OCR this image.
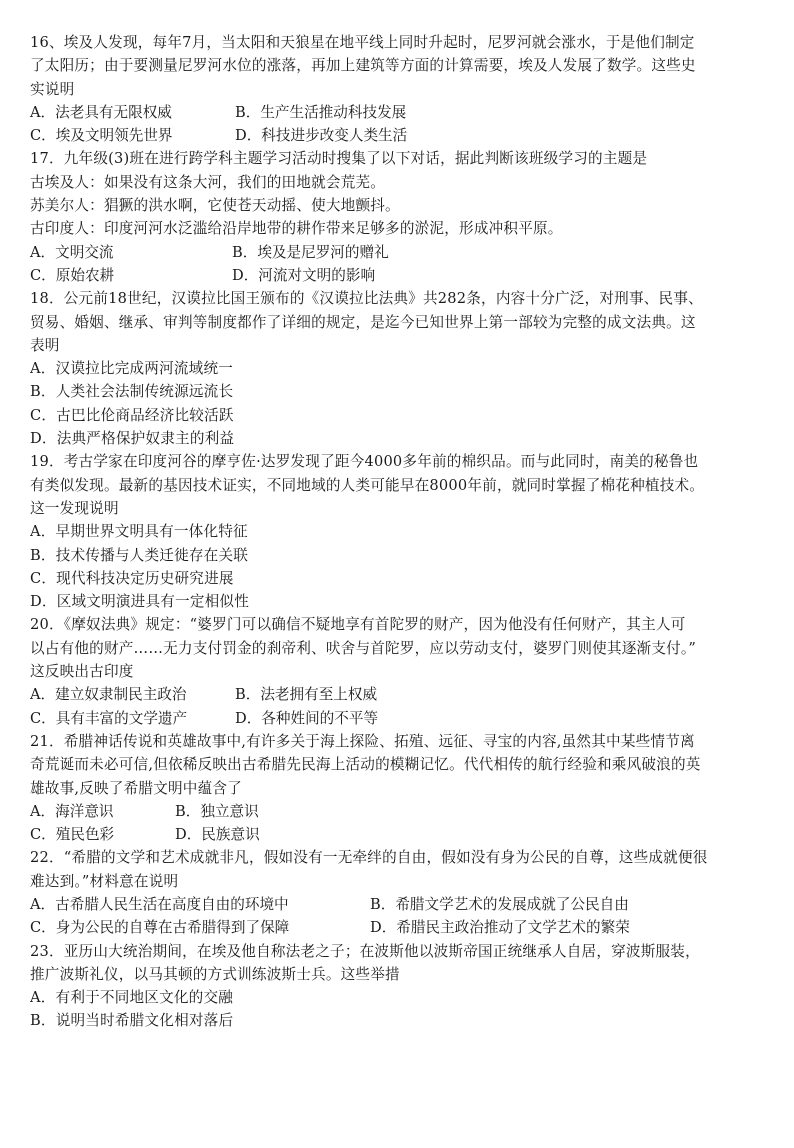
16、埃及人发现，每年7月，当太阳和天狼星在地平线上同时升起时，尼罗河就会涨水，于是他们制定
了太阳历；由于要测量尼罗河水位的涨落，再加上建筑等方面的计算需要，埃及人发展了数学。这些史
实说明
A．法老具有无限权威	B．生产生活推动科技发展
C．埃及文明领先世界	D．科技进步改变人类生活
17．九年级(3)班在进行跨学科主题学习活动时搜集了以下对话，据此判断该班级学习的主题是
古埃及人：如果没有这条大河，我们的田地就会荒芜。
苏美尔人：猖獗的洪水啊，它使苍天动摇、使大地颤抖。
古印度人：印度河河水泛滥给沿岸地带的耕作带来足够多的淤泥，形成冲积平原。
A．文明交流	B．埃及是尼罗河的赠礼
C．原始农耕	D．河流对文明的影响
18．公元前18世纪，汉谟拉比国王颁布的《汉谟拉比法典》共282条，内容十分广泛，对刑事、民事、
贸易、婚姻、继承、审判等制度都作了详细的规定，是迄今已知世界上第一部较为完整的成文法典。这
表明
A．汉谟拉比完成两河流域统一
B．人类社会法制传统源远流长
C．古巴比伦商品经济比较活跃
D．法典严格保护奴隶主的利益
19．考古学家在印度河谷的摩亨佐·达罗发现了距今4000多年前的棉织品。而与此同时，南美的秘鲁也
有类似发现。最新的基因技术证实，不同地域的人类可能早在8000年前，就同时掌握了棉花种植技术。
这一发现说明
A．早期世界文明具有一体化特征
B．技术传播与人类迁徙存在关联
C．现代科技决定历史研究进展
D．区域文明演进具有一定相似性
20．《摩奴法典》规定：“婆罗门可以确信不疑地享有首陀罗的财产，因为他没有任何财产，其主人可
以占有他的财产……无力支付罚金的刹帝利、吠舍与首陀罗，应以劳动支付，婆罗门则使其逐渐支付。”
这反映出古印度
A．建立奴隶制民主政治	B．法老拥有至上权威
C．具有丰富的文学遗产	D．各种姓间的不平等
21．希腊神话传说和英雄故事中,有许多关于海上探险、拓殖、远征、寻宝的内容,虽然其中某些情节离
奇荒诞而未必可信,但依稀反映出古希腊先民海上活动的模糊记忆。代代相传的航行经验和乘风破浪的英
雄故事,反映了希腊文明中蕴含了
A．海洋意识	B．独立意识
C．殖民色彩	D．民族意识
22．“希腊的文学和艺术成就非凡，假如没有一无牵绊的自由，假如没有身为公民的自尊，这些成就便很
难达到。”材料意在说明
A．古希腊人民生活在高度自由的环境中	B．希腊文学艺术的发展成就了公民自由
C．身为公民的自尊在古希腊得到了保障	D．希腊民主政治推动了文学艺术的繁荣
23．亚历山大统治期间，在埃及他自称法老之子；在波斯他以波斯帝国正统继承人自居，穿波斯服装，
推广波斯礼仪，以马其顿的方式训练波斯士兵。这些举措
A．有利于不同地区文化的交融
B．说明当时希腊文化相对落后
